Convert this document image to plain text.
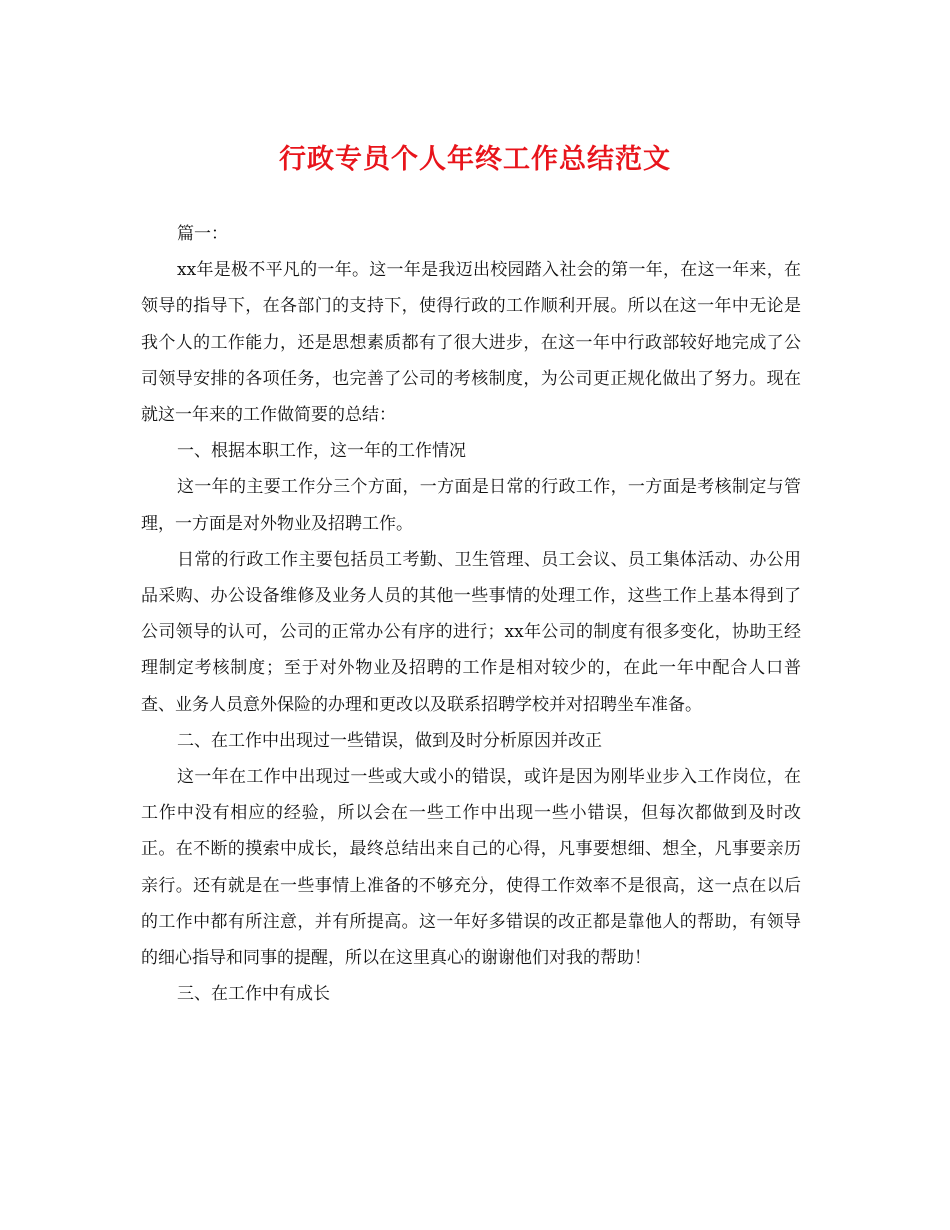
行政专员个人年终工作总结范文

篇一：

xx年是极不平凡的一年。这一年是我迈出校园踏入社会的第一年，在这一年来，在领导的指导下，在各部门的支持下，使得行政的工作顺利开展。所以在这一年中无论是我个人的工作能力，还是思想素质都有了很大进步，在这一年中行政部较好地完成了公司领导安排的各项任务，也完善了公司的考核制度，为公司更正规化做出了努力。现在就这一年来的工作做简要的总结：

一、根据本职工作，这一年的工作情况

这一年的主要工作分三个方面，一方面是日常的行政工作，一方面是考核制定与管理，一方面是对外物业及招聘工作。

日常的行政工作主要包括员工考勤、卫生管理、员工会议、员工集体活动、办公用品采购、办公设备维修及业务人员的其他一些事情的处理工作，这些工作上基本得到了公司领导的认可，公司的正常办公有序的进行；xx年公司的制度有很多变化，协助王经理制定考核制度；至于对外物业及招聘的工作是相对较少的，在此一年中配合人口普查、业务人员意外保险的办理和更改以及联系招聘学校并对招聘坐车准备。

二、在工作中出现过一些错误，做到及时分析原因并改正

这一年在工作中出现过一些或大或小的错误，或许是因为刚毕业步入工作岗位，在工作中没有相应的经验，所以会在一些工作中出现一些小错误，但每次都做到及时改正。在不断的摸索中成长，最终总结出来自己的心得，凡事要想细、想全，凡事要亲历亲行。还有就是在一些事情上准备的不够充分，使得工作效率不是很高，这一点在以后的工作中都有所注意，并有所提高。这一年好多错误的改正都是靠他人的帮助，有领导的细心指导和同事的提醒，所以在这里真心的谢谢他们对我的帮助！

三、在工作中有成长
